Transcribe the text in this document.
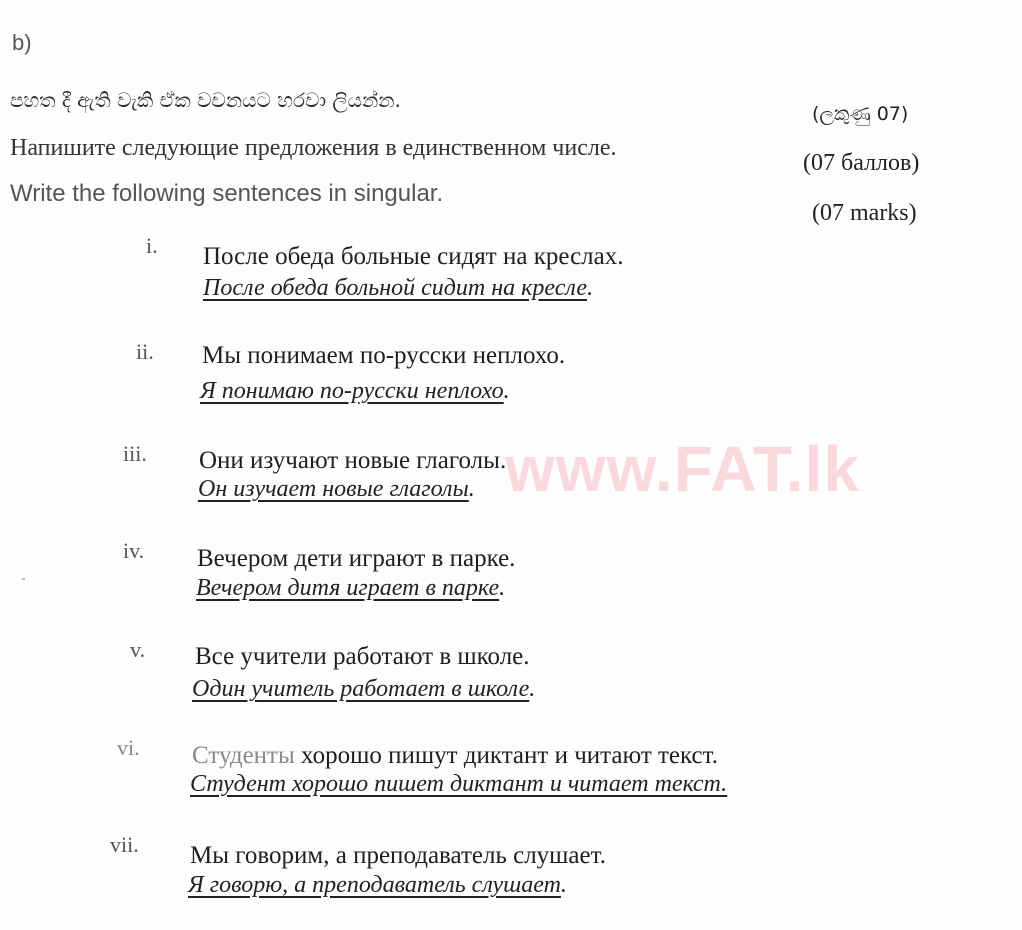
www.FAT.lk
b)
පහත දී ඇති වැකි ඒක වචනයට හරවා ලියන්න.
(ලකුණු 07)
Напишите следующие предложения в единственном числе.
(07 баллов)
Write the following sentences in singular.
(07 marks)
i. После обеда больные сидят на креслах.
После обеда больной сидит на кресле.
ii. Мы понимаем по-русски неплохо.
Я понимаю по-русски неплохо.
iii. Они изучают новые глаголы.
Он изучает новые глаголы.
iv. Вечером дети играют в парке.
Вечером дитя играет в парке.
v. Все учители работают в школе.
Один учитель работает в школе.
vi. Студенты хорошо пишут диктант и читают текст.
Студент хорошо пишет диктант и читает текст.
vii. Мы говорим, а преподаватель слушает.
Я говорю, а преподаватель слушает.
